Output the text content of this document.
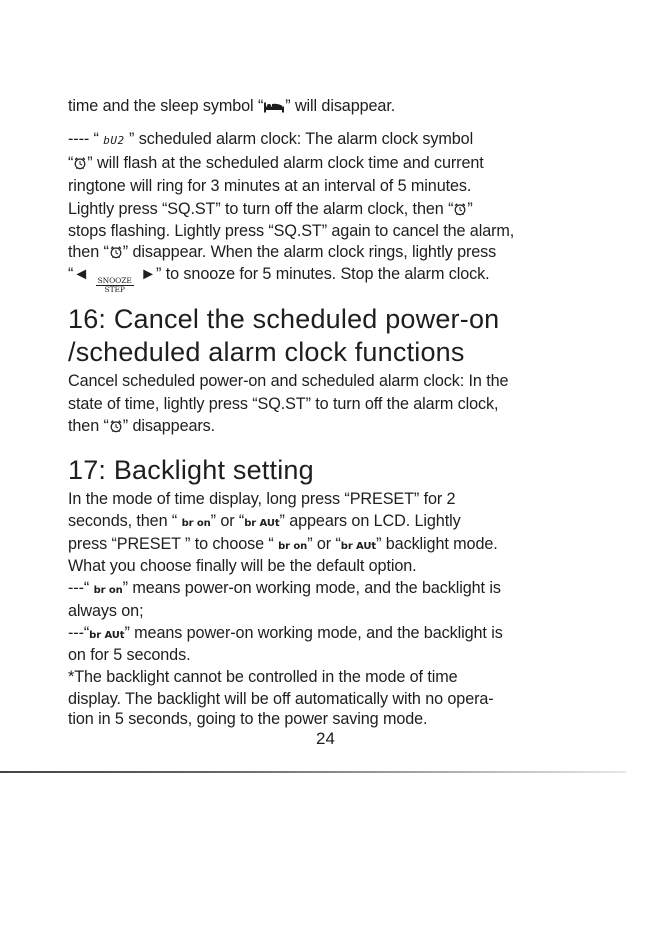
time and the sleep symbol “ ” will disappear.
---- “ bU2 ” scheduled alarm clock: The alarm clock symbol
“ ” will flash at the scheduled alarm clock time and current
ringtone will ring for 3 minutes at an interval of 5 minutes.
Lightly press “SQ.ST” to turn off the alarm clock, then “ ”
stops flashing. Lightly press “SQ.ST” again to cancel the alarm,
then “ ” disappear. When the alarm clock rings, lightly press
“◄ SNOOZE
STEP
►” to snooze for 5 minutes. Stop the alarm clock.
16: Cancel the scheduled power-on
/scheduled alarm clock functions
Cancel scheduled power-on and scheduled alarm clock: In the
state of time, lightly press “SQ.ST” to turn off the alarm clock,
then “ ” disappears.
17: Backlight setting
In the mode of time display, long press “PRESET” for 2
seconds, then “ br on” or “br AUt” appears on LCD. Lightly
press “PRESET ” to choose “ br on” or “br AUt” backlight mode.
What you choose finally will be the default option.
---“ br on” means power-on working mode, and the backlight is
always on;
---“br AUt” means power-on working mode, and the backlight is
on for 5 seconds.
*The backlight cannot be controlled in the mode of time
display. The backlight will be off automatically with no opera-
tion in 5 seconds, going to the power saving mode.
24
